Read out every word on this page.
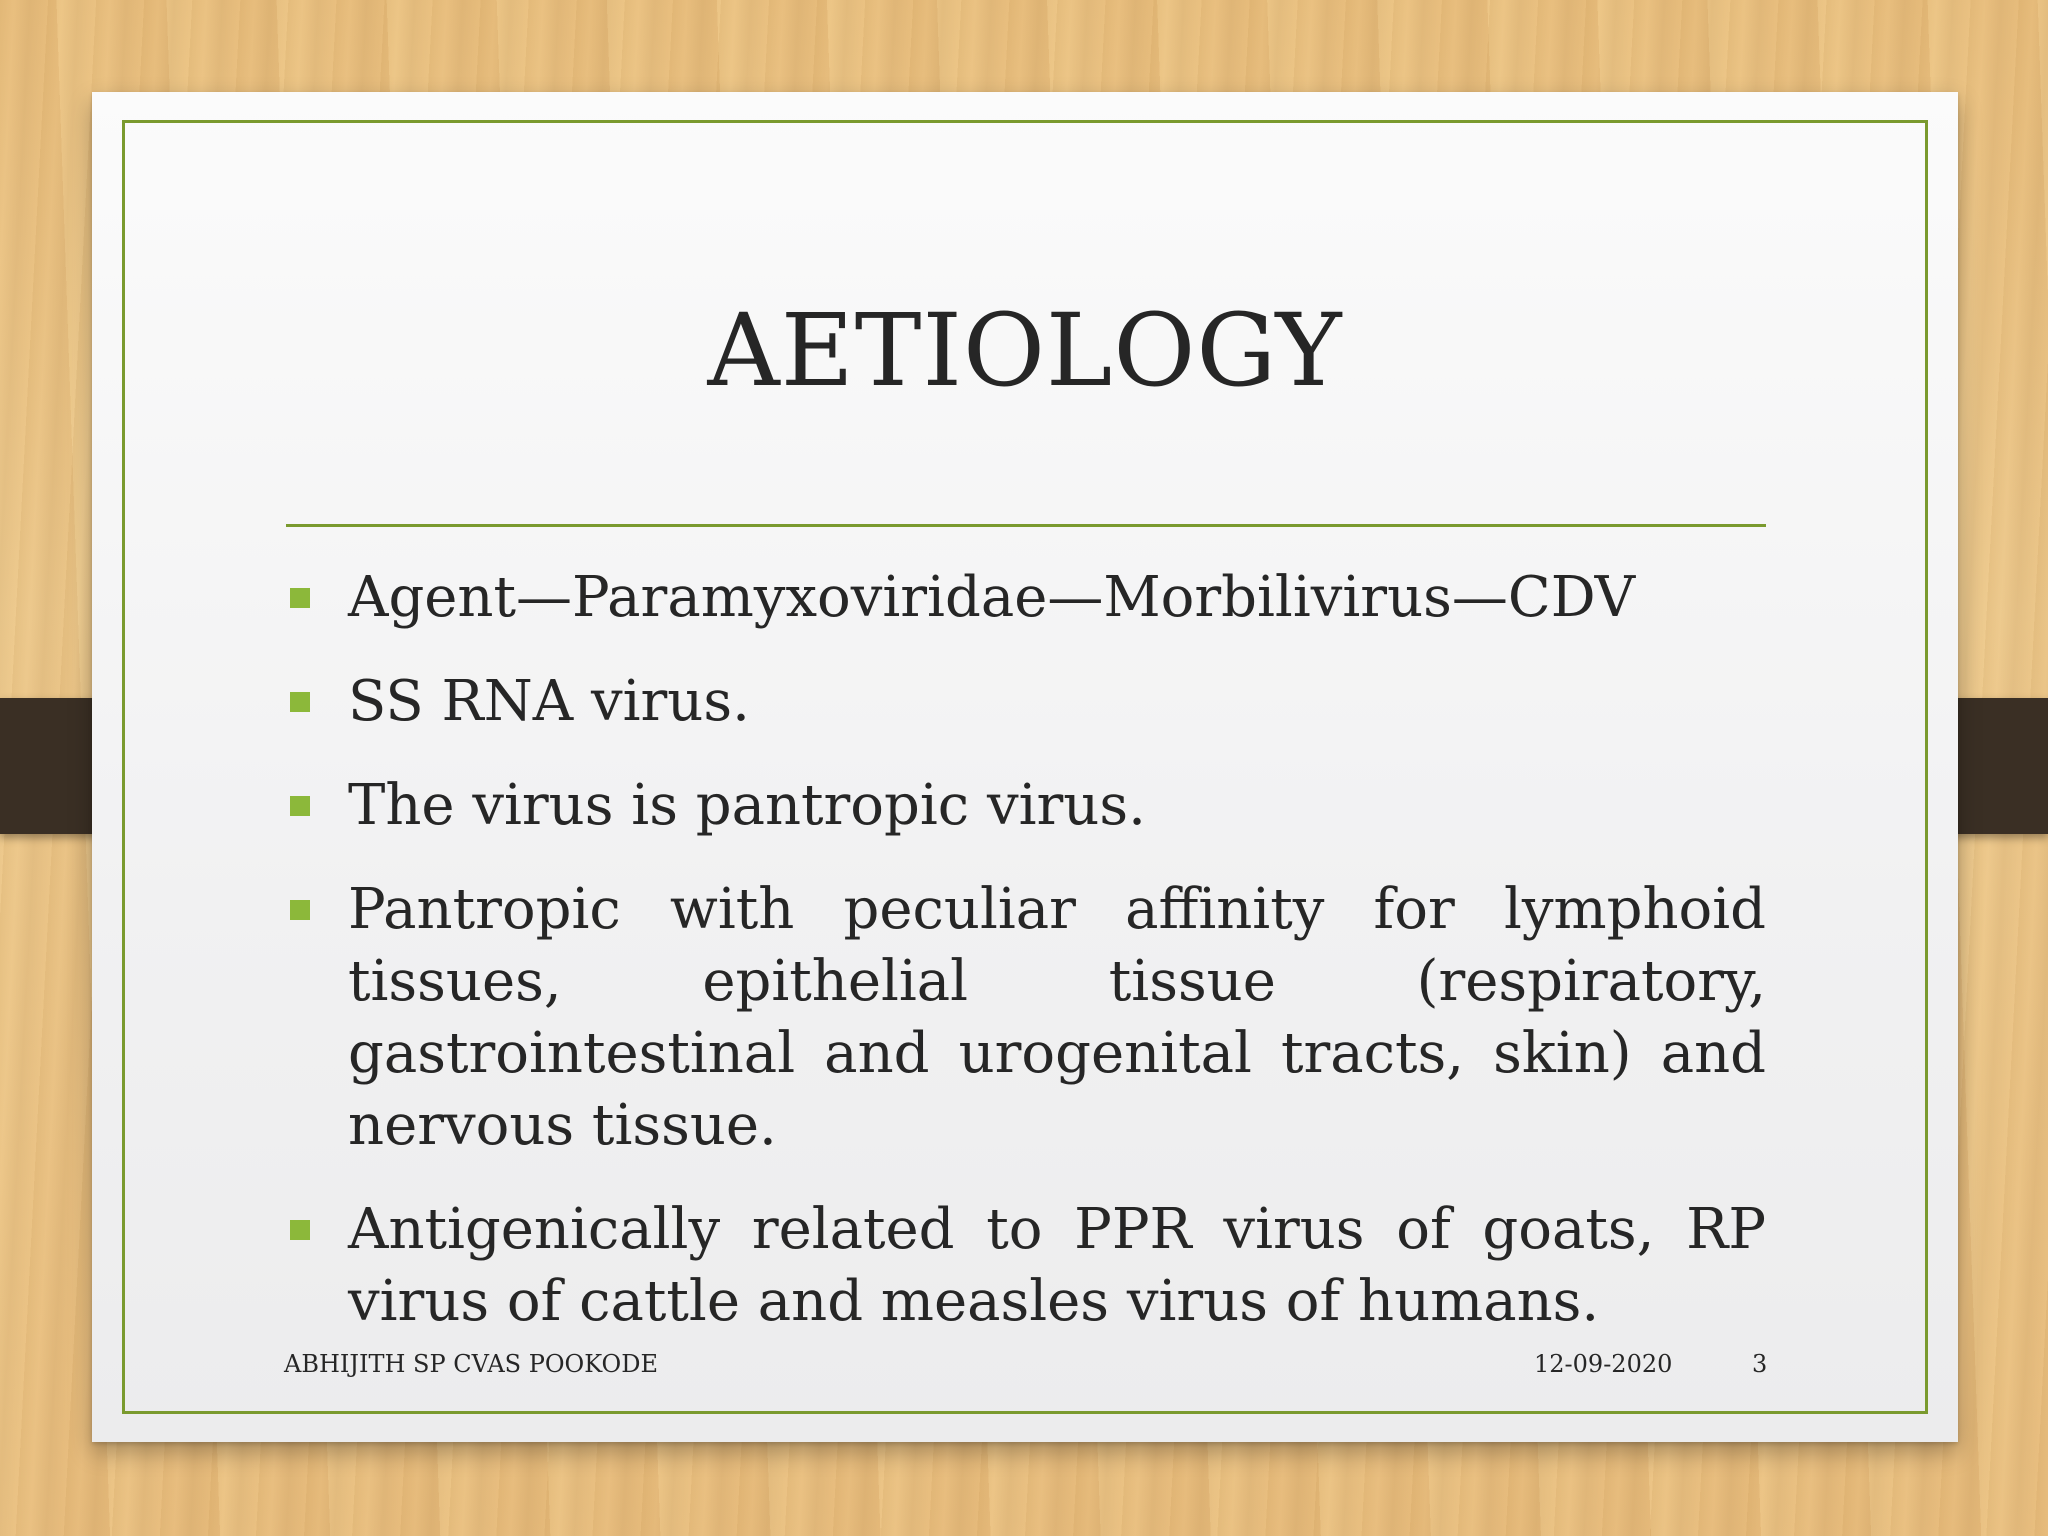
AETIOLOGY
Agent—Paramyxoviridae—Morbilivirus—CDV
SS RNA virus.
The virus is pantropic virus.
Pantropic with peculiar affinity for lymphoid tissues, epithelial tissue (respiratory, gastrointestinal and urogenital tracts, skin) and nervous tissue.
Antigenically related to PPR virus of goats, RP virus of cattle and measles virus of humans.
ABHIJITH SP CVAS POOKODE	12-09-2020	3
